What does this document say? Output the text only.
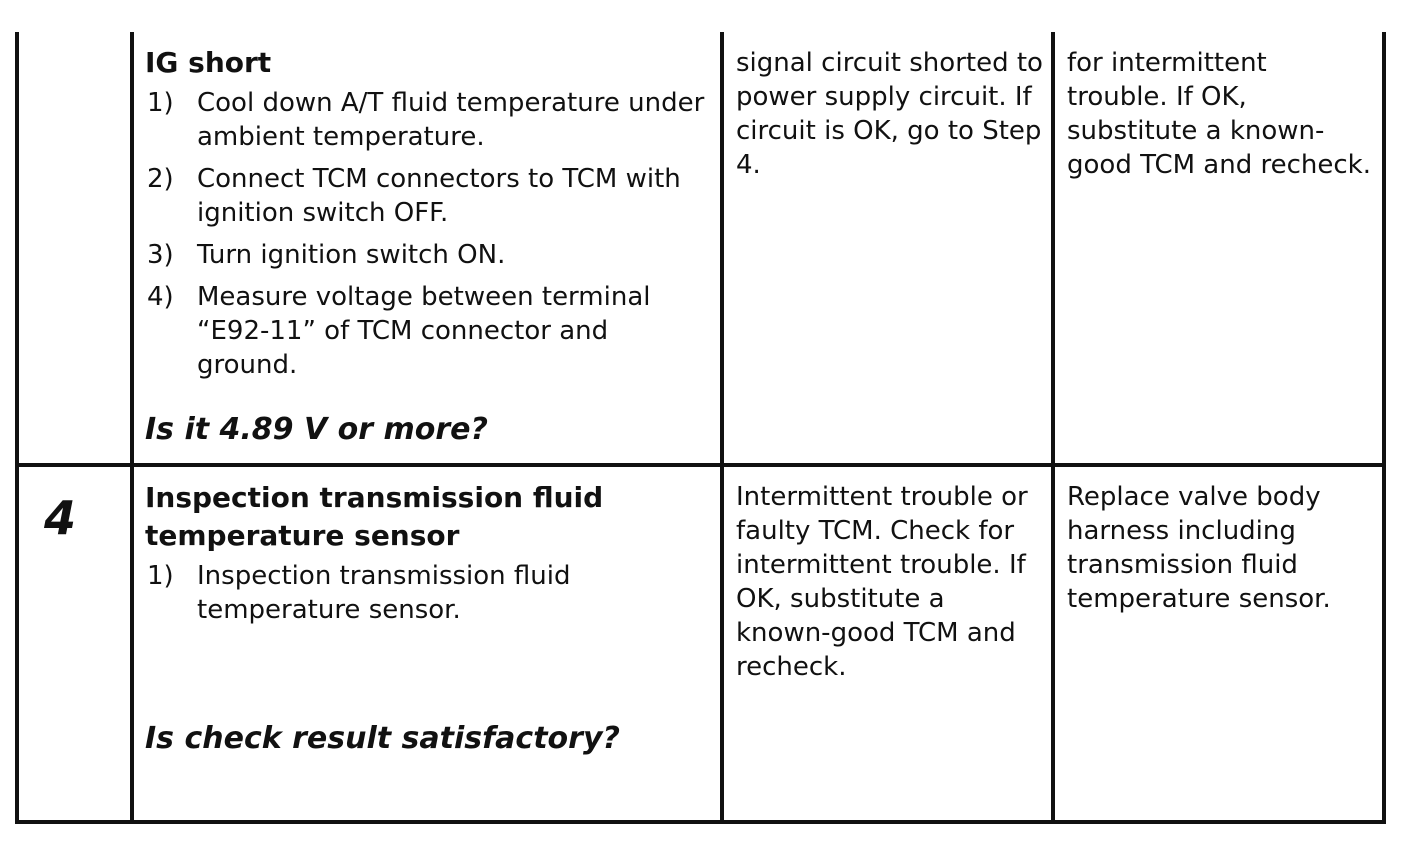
IG short

1) Cool down A/T fluid temperature under ambient temperature.
2) Connect TCM connectors to TCM with ignition switch OFF.
3) Turn ignition switch ON.
4) Measure voltage between terminal “E92-11” of TCM connector and ground.

Is it 4.89 V or more?

signal circuit shorted to power supply circuit. If circuit is OK, go to Step 4.

for intermittent trouble. If OK, substitute a known-good TCM and recheck.

4 Inspection transmission fluid temperature sensor

1) Inspection transmission fluid temperature sensor.

Is check result satisfactory?

Intermittent trouble or faulty TCM. Check for intermittent trouble. If OK, substitute a known-good TCM and recheck.

Replace valve body harness including transmission fluid temperature sensor.
